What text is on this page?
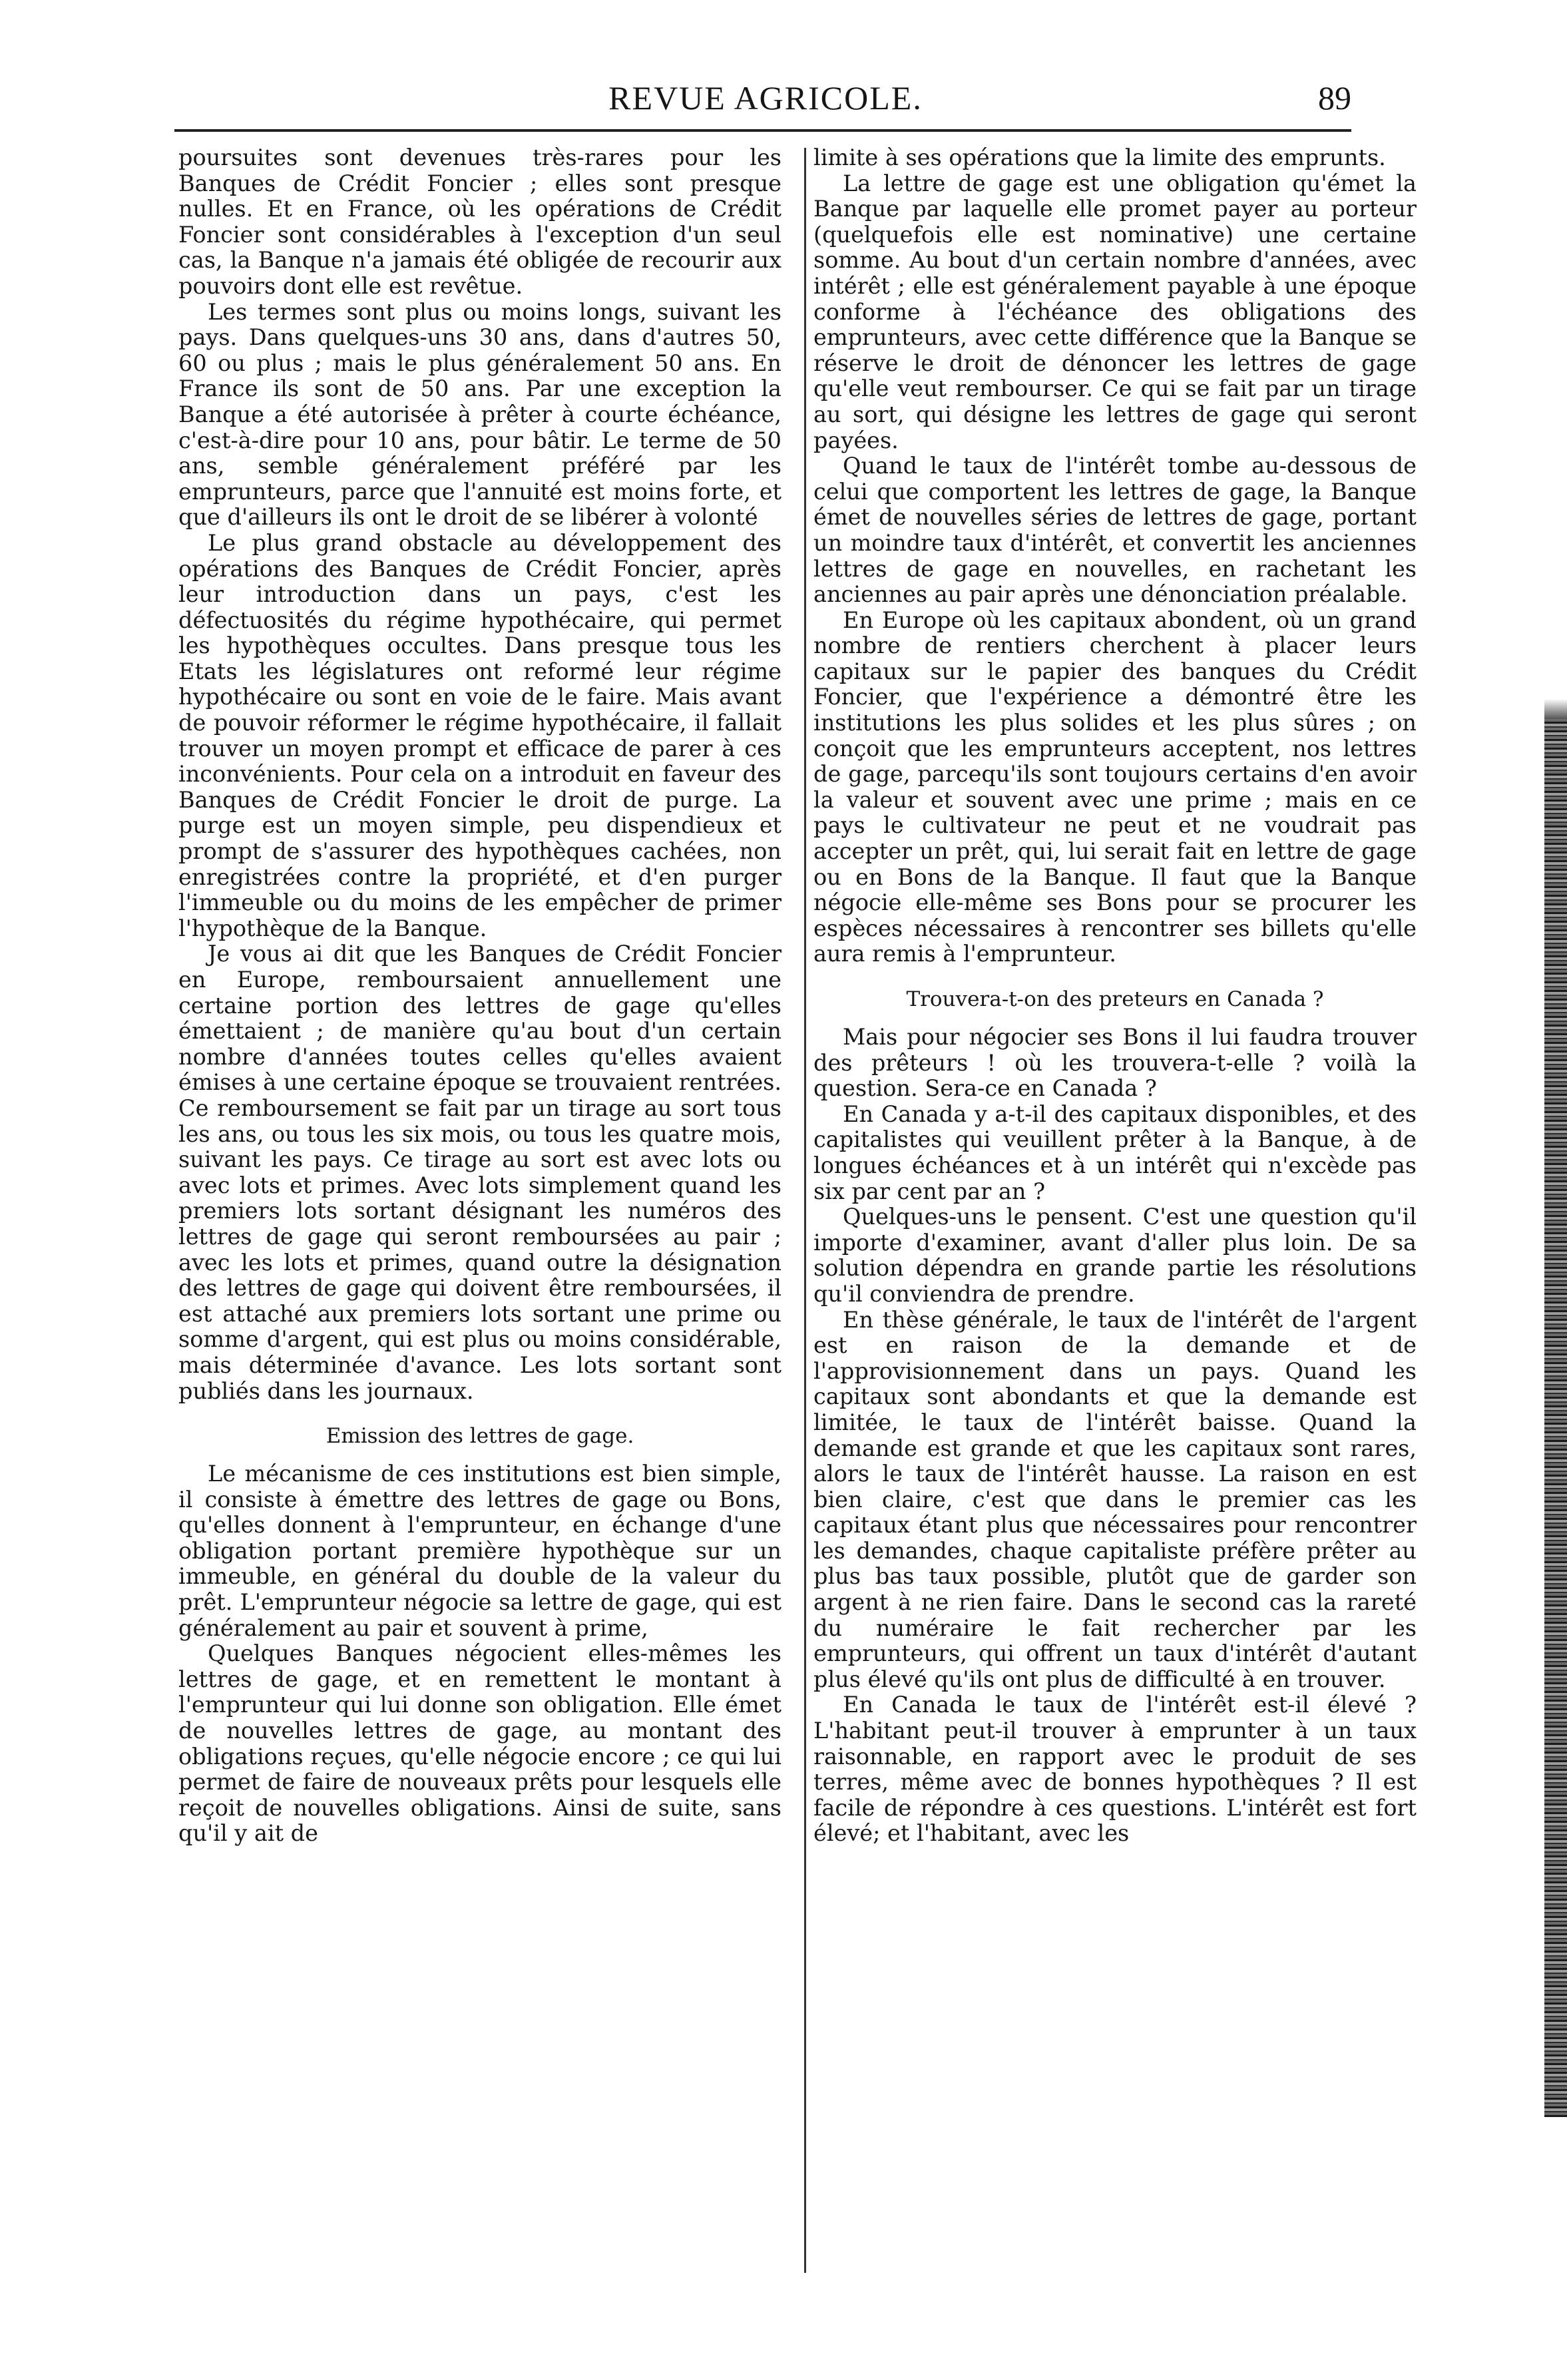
REVUE AGRICOLE.	89

poursuites sont devenues très-rares pour les Banques de Crédit Foncier ; elles sont presque nulles. Et en France, où les opérations de Crédit Foncier sont considérables à l'exception d'un seul cas, la Banque n'a jamais été obligée de recourir aux pouvoirs dont elle est revêtue.

Les termes sont plus ou moins longs, suivant les pays. Dans quelques-uns 30 ans, dans d'autres 50, 60 ou plus ; mais le plus généralement 50 ans. En France ils sont de 50 ans. Par une exception la Banque a été autorisée à prêter à courte échéance, c'est-à-dire pour 10 ans, pour bâtir. Le terme de 50 ans, semble généralement préféré par les emprunteurs, parce que l'annuité est moins forte, et que d'ailleurs ils ont le droit de se libérer à volonté

Le plus grand obstacle au développement des opérations des Banques de Crédit Foncier, après leur introduction dans un pays, c'est les défectuosités du régime hypothécaire, qui permet les hypothèques occultes. Dans presque tous les Etats les législatures ont reformé leur régime hypothécaire ou sont en voie de le faire. Mais avant de pouvoir réformer le régime hypothécaire, il fallait trouver un moyen prompt et efficace de parer à ces inconvénients. Pour cela on a introduit en faveur des Banques de Crédit Foncier le droit de purge. La purge est un moyen simple, peu dispendieux et prompt de s'assurer des hypothèques cachées, non enregistrées contre la propriété, et d'en purger l'immeuble ou du moins de les empêcher de primer l'hypothèque de la Banque.

Je vous ai dit que les Banques de Crédit Foncier en Europe, remboursaient annuellement une certaine portion des lettres de gage qu'elles émettaient ; de manière qu'au bout d'un certain nombre d'années toutes celles qu'elles avaient émises à une certaine époque se trouvaient rentrées. Ce remboursement se fait par un tirage au sort tous les ans, ou tous les six mois, ou tous les quatre mois, suivant les pays. Ce tirage au sort est avec lots ou avec lots et primes. Avec lots simplement quand les premiers lots sortant désignant les numéros des lettres de gage qui seront remboursées au pair ; avec les lots et primes, quand outre la désignation des lettres de gage qui doivent être remboursées, il est attaché aux premiers lots sortant une prime ou somme d'argent, qui est plus ou moins considérable, mais déterminée d'avance. Les lots sortant sont publiés dans les journaux.

Emission des lettres de gage.

Le mécanisme de ces institutions est bien simple, il consiste à émettre des lettres de gage ou Bons, qu'elles donnent à l'emprunteur, en échange d'une obligation portant première hypothèque sur un immeuble, en général du double de la valeur du prêt. L'emprunteur négocie sa lettre de gage, qui est généralement au pair et souvent à prime,

Quelques Banques négocient elles-mêmes les lettres de gage, et en remettent le montant à l'emprunteur qui lui donne son obligation. Elle émet de nouvelles lettres de gage, au montant des obligations reçues, qu'elle négocie encore ; ce qui lui permet de faire de nouveaux prêts pour lesquels elle reçoit de nouvelles obligations. Ainsi de suite, sans qu'il y ait de

limite à ses opérations que la limite des emprunts.

La lettre de gage est une obligation qu'émet la Banque par laquelle elle promet payer au porteur (quelquefois elle est nominative) une certaine somme. Au bout d'un certain nombre d'années, avec intérêt ; elle est généralement payable à une époque conforme à l'échéance des obligations des emprunteurs, avec cette différence que la Banque se réserve le droit de dénoncer les lettres de gage qu'elle veut rembourser. Ce qui se fait par un tirage au sort, qui désigne les lettres de gage qui seront payées.

Quand le taux de l'intérêt tombe au-dessous de celui que comportent les lettres de gage, la Banque émet de nouvelles séries de lettres de gage, portant un moindre taux d'intérêt, et convertit les anciennes lettres de gage en nouvelles, en rachetant les anciennes au pair après une dénonciation préalable.

En Europe où les capitaux abondent, où un grand nombre de rentiers cherchent à placer leurs capitaux sur le papier des banques du Crédit Foncier, que l'expérience a démontré être les institutions les plus solides et les plus sûres ; on conçoit que les emprunteurs acceptent, nos lettres de gage, parcequ'ils sont toujours certains d'en avoir la valeur et souvent avec une prime ; mais en ce pays le cultivateur ne peut et ne voudrait pas accepter un prêt, qui, lui serait fait en lettre de gage ou en Bons de la Banque. Il faut que la Banque négocie elle-même ses Bons pour se procurer les espèces nécessaires à rencontrer ses billets qu'elle aura remis à l'emprunteur.

Trouvera-t-on des preteurs en Canada ?

Mais pour négocier ses Bons il lui faudra trouver des prêteurs ! où les trouvera-t-elle ? voilà la question. Sera-ce en Canada ?

En Canada y a-t-il des capitaux disponibles, et des capitalistes qui veuillent prêter à la Banque, à de longues échéances et à un intérêt qui n'excède pas six par cent par an ?

Quelques-uns le pensent. C'est une question qu'il importe d'examiner, avant d'aller plus loin. De sa solution dépendra en grande partie les résolutions qu'il conviendra de prendre.

En thèse générale, le taux de l'intérêt de l'argent est en raison de la demande et de l'approvisionnement dans un pays. Quand les capitaux sont abondants et que la demande est limitée, le taux de l'intérêt baisse. Quand la demande est grande et que les capitaux sont rares, alors le taux de l'intérêt hausse. La raison en est bien claire, c'est que dans le premier cas les capitaux étant plus que nécessaires pour rencontrer les demandes, chaque capitaliste préfère prêter au plus bas taux possible, plutôt que de garder son argent à ne rien faire. Dans le second cas la rareté du numéraire le fait rechercher par les emprunteurs, qui offrent un taux d'intérêt d'autant plus élevé qu'ils ont plus de difficulté à en trouver.

En Canada le taux de l'intérêt est-il élevé ? L'habitant peut-il trouver à emprunter à un taux raisonnable, en rapport avec le produit de ses terres, même avec de bonnes hypothèques ? Il est facile de répondre à ces questions. L'intérêt est fort élevé; et l'habitant, avec les
